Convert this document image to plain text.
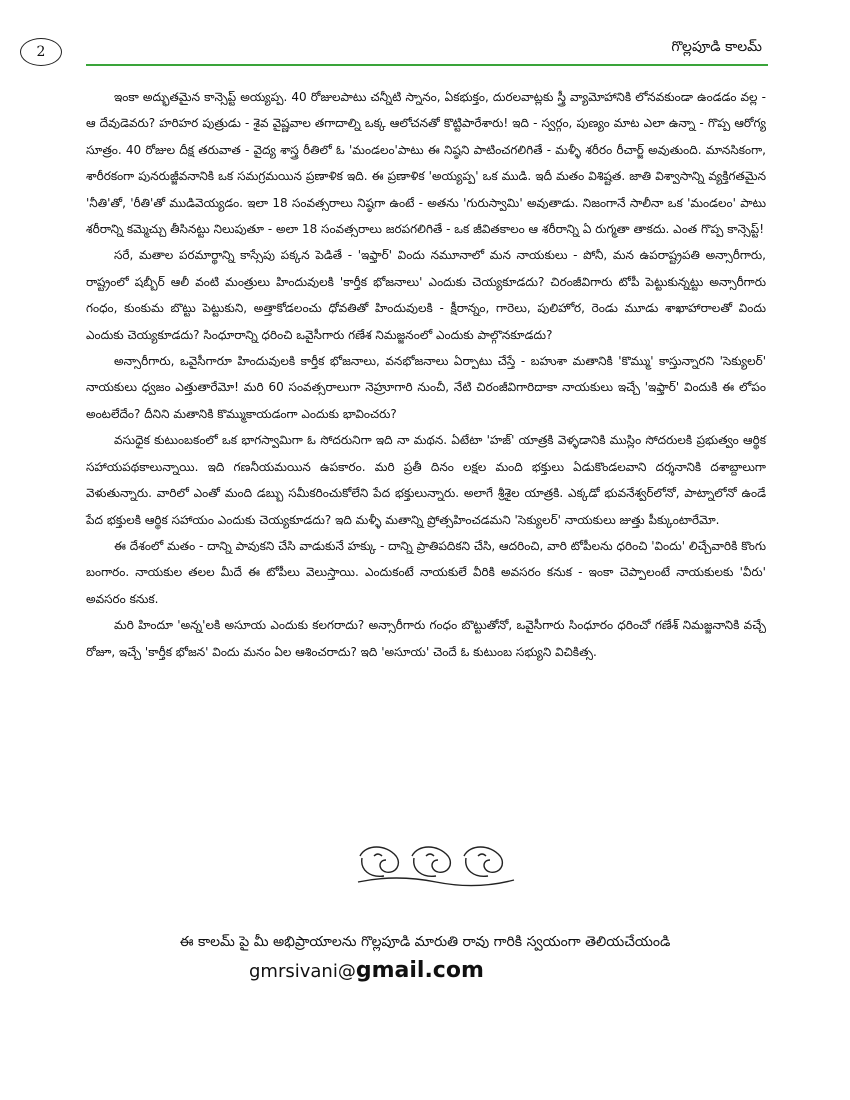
2	గొల్లపూడి కాలమ్

ఇంకా అద్భుతమైన కాన్సెప్ట్ అయ్యప్ప. 40 రోజులపాటు చన్నీటి స్నానం, ఏకభుక్తం, దురలవాట్లకు స్త్రీ వ్యామోహానికి లోనవకుండా ఉండడం వల్ల - ఆ దేవుడెవరు? హరిహర పుత్రుడు - శైవ వైష్ణవాల తగాదాల్ని ఒక్క ఆలోచనతో కొట్టిపారేశారు! ఇది - స్వర్గం, పుణ్యం మాట ఎలా ఉన్నా - గొప్ప ఆరోగ్య సూత్రం. 40 రోజుల దీక్ష తరువాత - వైద్య శాస్త్ర రీతిలో ఓ 'మండలం'పాటు ఈ నిష్ఠని పాటించగలిగితే - మళ్ళీ శరీరం రీచార్జ్ అవుతుంది. మానసికంగా, శారీరకంగా పునరుజ్జీవనానికి ఒక సమగ్రమయిన ప్రణాళిక ఇది. ఈ ప్రణాళిక 'అయ్యప్ప' ఒక ముడి. ఇదీ మతం విశిష్టత. జాతి విశ్వాసాన్ని వ్యక్తిగతమైన 'నీతి'తో, 'రీతి'తో ముడివెయ్యడం. ఇలా 18 సంవత్సరాలు నిష్ఠగా ఉంటే - అతను 'గురుస్వామి' అవుతాడు. నిజంగానే సాలీనా ఒక 'మండలం' పాటు శరీరాన్ని కమ్మెచ్చు తీసినట్టు నిలుపుతూ - అలా 18 సంవత్సరాలు జరపగలిగితే - ఒక జీవితకాలం ఆ శరీరాన్ని ఏ రుగ్మతా తాకదు. ఎంత గొప్ప కాన్సెప్ట్!

సరే, మతాల పరమార్థాన్ని కాస్సేపు పక్కన పెడితే - 'ఇఫ్తార్' విందు నమూనాలో మన నాయకులు - పోనీ, మన ఉపరాష్ట్రపతి అన్సారీగారు, రాష్ట్రంలో షబ్బీర్ ఆలీ వంటి మంత్రులు హిందువులకి 'కార్తీక భోజనాలు' ఎందుకు చెయ్యకూడదు? చిరంజీవిగారు టోపీ పెట్టుకున్నట్టు అన్సారీగారు గంధం, కుంకుమ బొట్టు పెట్టుకుని, అత్తాకోడలంచు ధోవతితో హిందువులకి - క్షీరాన్నం, గారెలు, పులిహోర, రెండు మూడు శాఖాహారాలతో విందు ఎందుకు చెయ్యకూడదు? సింధూరాన్ని ధరించి ఒవైసీగారు గణేశ నిమజ్జనంలో ఎందుకు పాల్గొనకూడదు?

అన్సారీగారు, ఒవైసీగారూ హిందువులకి కార్తీక భోజనాలు, వనభోజనాలు ఏర్పాటు చేస్తే - బహుశా మతానికి 'కొమ్ము' కాస్తున్నారని 'సెక్యులర్' నాయకులు ధ్వజం ఎత్తుతారేమో! మరి 60 సంవత్సరాలుగా నెహ్రూగారి నుంచీ, నేటి చిరంజీవిగారిదాకా నాయకులు ఇచ్చే 'ఇఫ్తార్' విందుకి ఈ లోపం అంటలేదేం? దీనిని మతానికి కొమ్ముకాయడంగా ఎందుకు భావించరు?

వసుధైక కుటుంబకంలో ఒక భాగస్వామిగా ఓ సోదరునిగా ఇది నా మథన. ఏటేటా 'హజ్' యాత్రకి వెళ్ళడానికి ముస్లిం సోదరులకి ప్రభుత్వం ఆర్థిక సహాయపథకాలున్నాయి. ఇది గణనీయమయిన ఉపకారం. మరి ప్రతీ దినం లక్షల మంది భక్తులు ఏడుకొండలవాని దర్శనానికి దశాబ్దాలుగా వెళుతున్నారు. వారిలో ఎంతో మంది డబ్బు సమీకరించుకోలేని పేద భక్తులున్నారు. అలాగే శ్రీశైల యాత్రకి. ఎక్కడో భువనేశ్వర్‌లోనో, పాట్నాలోనో ఉండే పేద భక్తులకి ఆర్థిక సహాయం ఎందుకు చెయ్యకూడదు? ఇది మళ్ళీ మతాన్ని ప్రోత్సహించడమని 'సెక్యులర్' నాయకులు జుత్తు పీక్కుంటారేమో.

ఈ దేశంలో మతం - దాన్ని పావుకని చేసి వాడుకునే హక్కు - దాన్ని ప్రాతిపదికని చేసి, ఆదరించి, వారి టోపీలను ధరించి 'విందు' లిచ్చేవారికి కొంగు బంగారం. నాయకుల తలల మీదే ఈ టోపీలు వెలుస్తాయి. ఎందుకంటే నాయకులే వీరికి అవసరం కనుక - ఇంకా చెప్పాలంటే నాయకులకు 'వీరు' అవసరం కనుక.

మరి హిందూ 'అన్న'లకి అసూయ ఎందుకు కలగరాదు? అన్సారీగారు గంధం బొట్టుతోనో, ఒవైసీగారు సింధూరం ధరించో గణేశ్ నిమజ్జనానికి వచ్చే రోజూ, ఇచ్చే 'కార్తీక భోజన' విందు మనం ఏల ఆశించరాదు? ఇది 'అసూయ' చెందే ఓ కుటుంబ సభ్యుని విచికిత్స.

ఈ కాలమ్ పై మీ అభిప్రాయాలను గొల్లపూడి మారుతి రావు గారికి స్వయంగా తెలియచేయండి
gmrsivani@gmail.com
